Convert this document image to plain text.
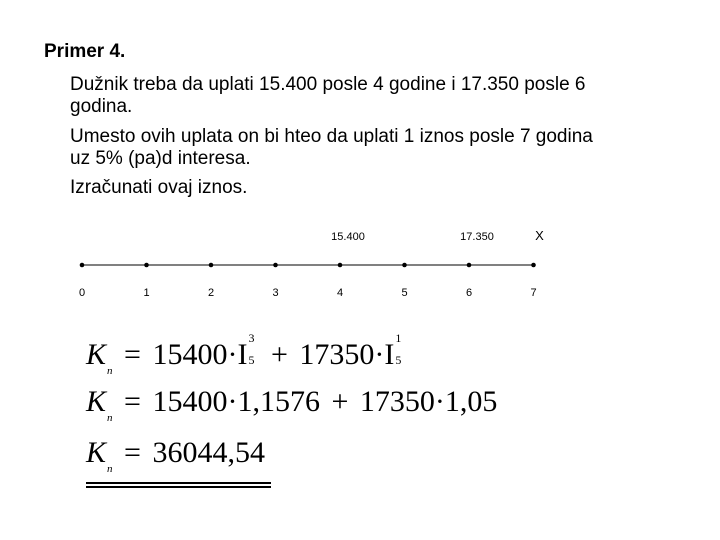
Primer 4.
Dužnik treba da uplati 15.400 posle 4 godine i 17.350 posle 6
godina.
Umesto ovih uplata on bi hteo da uplati 1 iznos posle 7 godina
uz 5% (pa)d interesa.
Izračunati ovaj iznos.
0	1	2	3	4	5	6	7
15.400	17.350	X
$K_n = 15400\cdot I$ 3
5 + 17350·I 1
5
$K_n = 15400\cdot 1,1576 + 17350\cdot 1,05$
$K_n = 36044,54$
